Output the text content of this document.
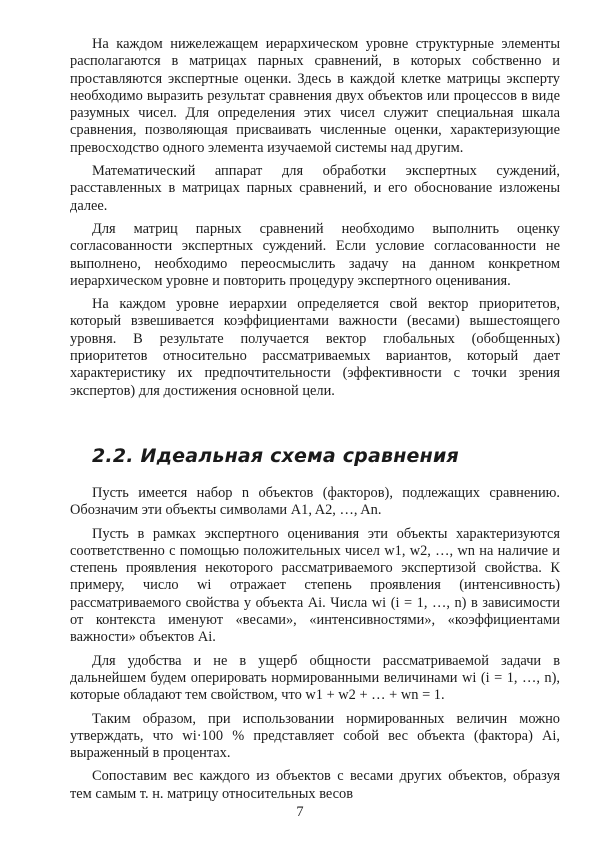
На каждом нижележащем иерархическом уровне структурные элементы располагаются в матрицах парных сравнений, в которых собственно и проставляются экспертные оценки. Здесь в каждой клетке матрицы эксперту необходимо выразить результат сравнения двух объектов или процессов в виде разумных чисел. Для определения этих чисел служит специальная шкала сравнения, позволяющая присваивать численные оценки, характеризующие превосходство одного элемента изучаемой системы над другим.

Математический аппарат для обработки экспертных суждений, расставленных в матрицах парных сравнений, и его обоснование изложены далее.

Для матриц парных сравнений необходимо выполнить оценку согласованности экспертных суждений. Если условие согласованности не выполнено, необходимо переосмыслить задачу на данном конкретном иерархическом уровне и повторить процедуру экспертного оценивания.

На каждом уровне иерархии определяется свой вектор приоритетов, который взвешивается коэффициентами важности (весами) вышестоящего уровня. В результате получается вектор глобальных (обобщенных) приоритетов относительно рассматриваемых вариантов, который дает характеристику их предпочтительности (эффективности с точки зрения экспертов) для достижения основной цели.

2.2. Идеальная схема сравнения

Пусть имеется набор n объектов (факторов), подлежащих сравнению. Обозначим эти объекты символами A1, A2, …, An.

Пусть в рамках экспертного оценивания эти объекты характеризуются соответственно с помощью положительных чисел w1, w2, …, wn на наличие и степень проявления некоторого рассматриваемого экспертизой свойства. К примеру, число wi отражает степень проявления (интенсивность) рассматриваемого свойства у объекта Ai. Числа wi (i = 1, …, n) в зависимости от контекста именуют «весами», «интенсивностями», «коэффициентами важности» объектов Ai.

Для удобства и не в ущерб общности рассматриваемой задачи в дальнейшем будем оперировать нормированными величинами wi (i = 1, …, n), которые обладают тем свойством, что w1 + w2 + … + wn = 1.

Таким образом, при использовании нормированных величин можно утверждать, что wi·100 % представляет собой вес объекта (фактора) Ai, выраженный в процентах.

Сопоставим вес каждого из объектов с весами других объектов, образуя тем самым т. н. матрицу относительных весов

7
